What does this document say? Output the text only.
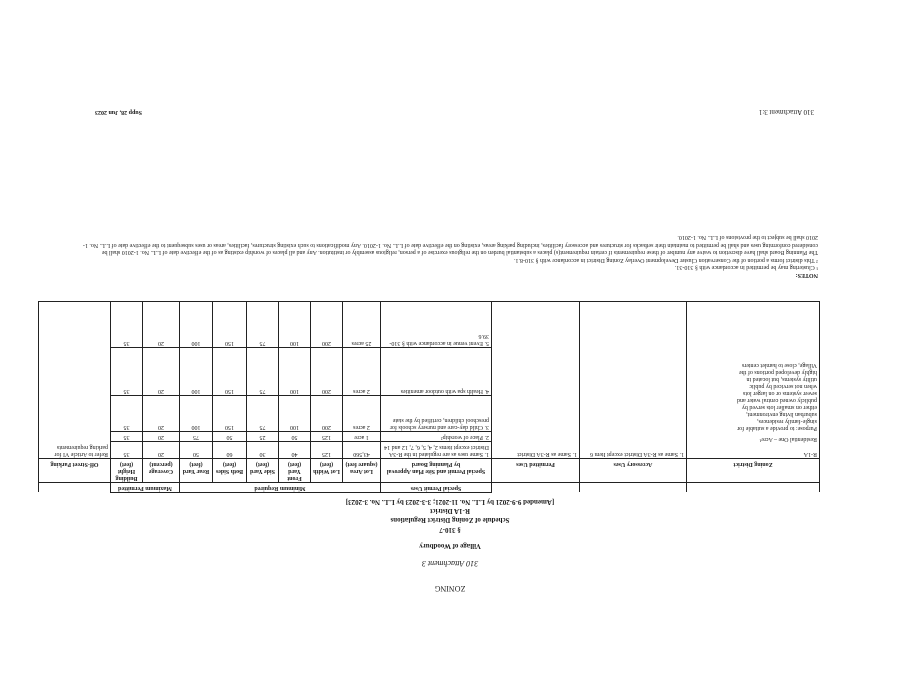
310 Attachment 3:1
Supp 28, Jun 2023
ZONING
310 Attachment 3
Village of Woodbury
§ 310-7
Schedule of Zoning District Regulations
R-1A District
[Amended 9-9-2021 by L.L. No. 11-2021; 3-3-2023 by L.L. No. 3-2023]
			Special Permit Uses	Minimum Required						Maximum Permitted		
Zoning District	Accessory Uses	Permitted Uses	Special Permit and Site Plan Approval by Planning Board	Lot Area (square feet)	Lot Width (feet)	Front Yard (feet)	Side Yard (feet)	Both Sides (feet)	Rear Yard (feet)	Coverage (percent)	Building Height (feet)	Off-Street Parking

R-1A
Residential One – Acre¹
Purpose: to provide a suitable for single-family residences, suburban living environment, either on smaller lots served by publicly owned central water and sewer systems or on larger lots when not serviced by public utility systems, but located in highly developed portions of the Village, close to hamlet centers	1. Same as R-3A District except Item 6	1. Same as R-3A District	1. Same uses as are regulated in the R-3A District except items 2, 4, 5, 6, 7, 12 and 14	43,560	125	40	30	60	50	20	35	Refer to Article VI for parking requirements
			2. Place of worship²	1 acre	125	50	25	50	75	20	35	
			3. Child day-care and nursery schools for preschool children, certified by the state	2 acres	200	100	75	150	100	20	35	
			4. Health spa with outdoor amenities	2 acres	200	100	75	150	100	20	35	
			5. Event venue in accordance with § 310-39.6	25 acres	200	100	75	150	100	20	35	

NOTES:

¹ Clustering may be permitted in accordance with § 310-31.

² This district forms a portion of the Conservation Cluster Development Overlay Zoning District in accordance with § 310-8.1.

The Planning Board shall have discretion to waive any number of these requirements if certain requirement(s) places a substantial burden on the religious exercise of a person, religious assembly or institution. Any and all places of worship existing as of the effective date of L.L. No. 1-2010 shall be considered conforming uses and shall be permitted to maintain their setbacks for structures and accessory facilities, including parking areas, existing on the effective date of L.L. No. 1-2010. Any modifications to such existing structures, facilities, areas or uses subsequent to the effective date of L.L. No. 1-2010 shall be subject to the provisions of L.L. No. 1-2010.
